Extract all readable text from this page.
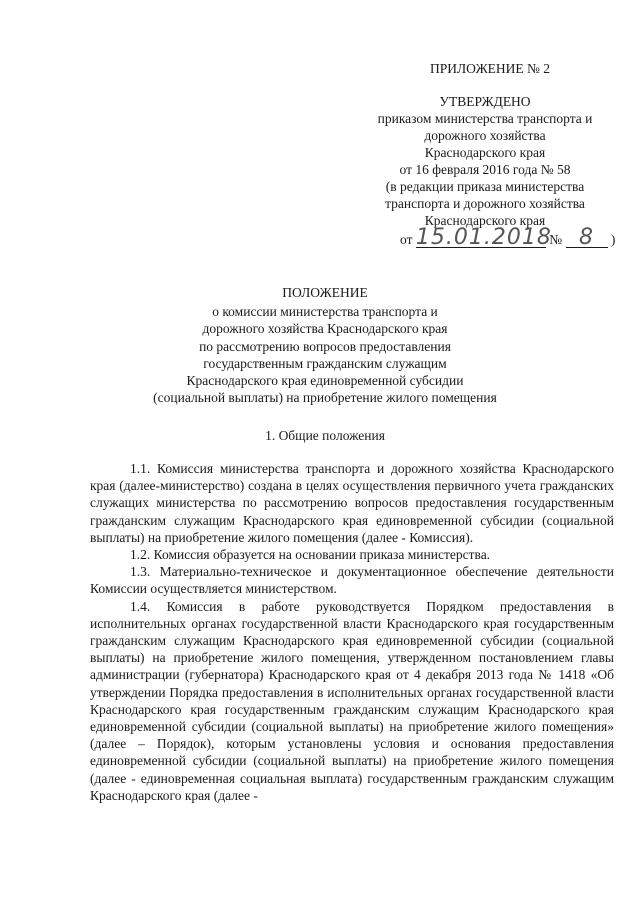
ПРИЛОЖЕНИЕ № 2
УТВЕРЖДЕНО
приказом министерства транспорта и
дорожного хозяйства
Краснодарского края
от 16 февраля 2016 года № 58
(в редакции приказа министерства
транспорта и дорожного хозяйства
Краснодарского края
от 15.01.2018 № 8 )
ПОЛОЖЕНИЕ
о комиссии министерства транспорта и
дорожного хозяйства Краснодарского края
по рассмотрению вопросов предоставления
государственным гражданским служащим
Краснодарского края единовременной субсидии
(социальной выплаты) на приобретение жилого помещения
1. Общие положения

1.1. Комиссия министерства транспорта и дорожного хозяйства Краснодарского края (далее-министерство) создана в целях осуществления первичного учета гражданских служащих министерства по рассмотрению вопросов предоставления государственным гражданским служащим Краснодарского края единовременной субсидии (социальной выплаты) на приобретение жилого помещения (далее - Комиссия).

1.2. Комиссия образуется на основании приказа министерства.

1.3. Материально-техническое и документационное обеспечение деятельности Комиссии осуществляется министерством.

1.4. Комиссия в работе руководствуется Порядком предоставления в исполнительных органах государственной власти Краснодарского края государственным гражданским служащим Краснодарского края единовременной субсидии (социальной выплаты) на приобретение жилого помещения, утвержденном постановлением главы администрации (губернатора) Краснодарского края от 4 декабря 2013 года № 1418 «Об утверждении Порядка предоставления в исполнительных органах государственной власти Краснодарского края государственным гражданским служащим Краснодарского края единовременной субсидии (социальной выплаты) на приобретение жилого помещения» (далее – Порядок), которым установлены условия и основания предоставления единовременной субсидии (социальной выплаты) на приобретение жилого помещения (далее - единовременная социальная выплата) государственным гражданским служащим Краснодарского края (далее -
